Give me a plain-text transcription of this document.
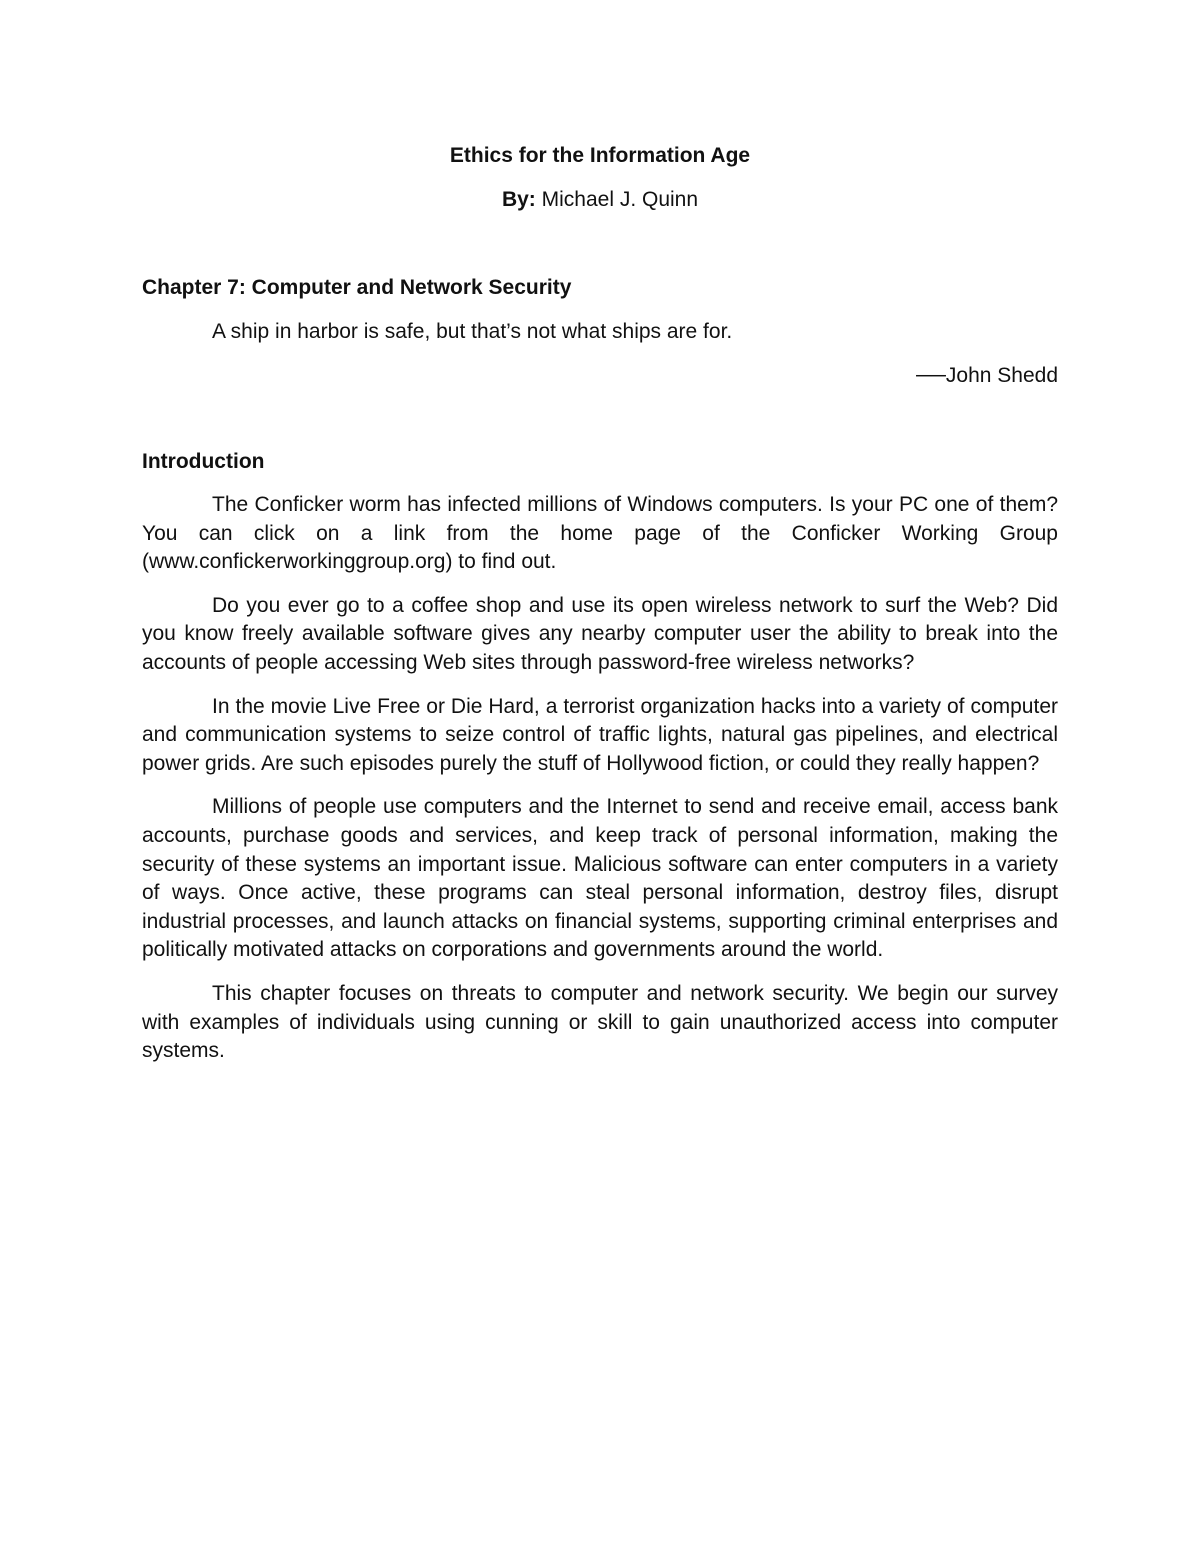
Ethics for the Information Age

By: Michael J. Quinn

Chapter 7: Computer and Network Security

A ship in harbor is safe, but that’s not what ships are for.

──John Shedd

Introduction

The Conficker worm has infected millions of Windows computers. Is your PC one of them? You can click on a link from the home page of the Conficker Working Group (www.confickerworkinggroup.org) to find out.

Do you ever go to a coffee shop and use its open wireless network to surf the Web? Did you know freely available software gives any nearby computer user the ability to break into the accounts of people accessing Web sites through password-free wireless networks?

In the movie Live Free or Die Hard, a terrorist organization hacks into a variety of computer and communication systems to seize control of traffic lights, natural gas pipelines, and electrical power grids. Are such episodes purely the stuff of Hollywood fiction, or could they really happen?

Millions of people use computers and the Internet to send and receive email, access bank accounts, purchase goods and services, and keep track of personal information, making the security of these systems an important issue. Malicious software can enter computers in a variety of ways. Once active, these programs can steal personal information, destroy files, disrupt industrial processes, and launch attacks on financial systems, supporting criminal enterprises and politically motivated attacks on corporations and governments around the world.

This chapter focuses on threats to computer and network security. We begin our survey with examples of individuals using cunning or skill to gain unauthorized access into computer systems.
